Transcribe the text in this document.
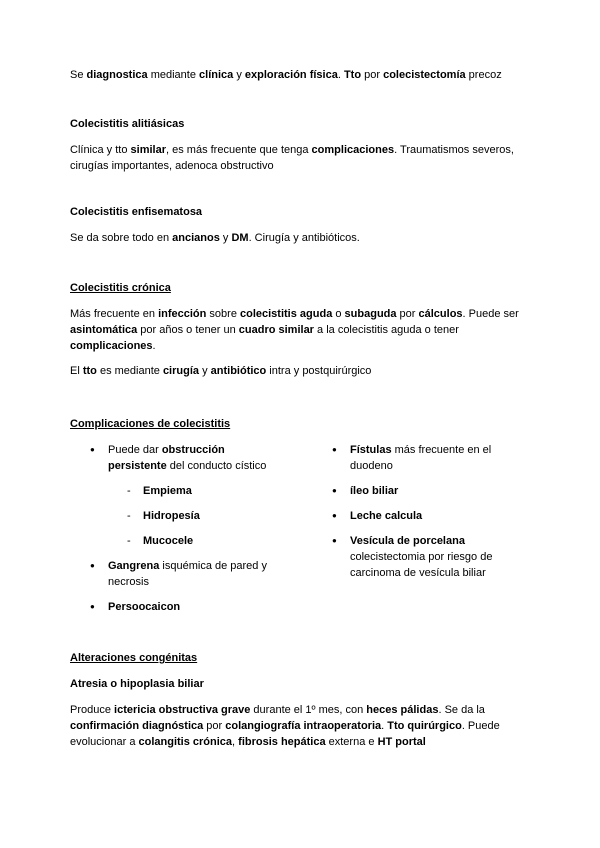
Se diagnostica mediante clínica y exploración física. Tto por colecistectomía precoz

Colecistitis alitiásicas

Clínica y tto similar, es más frecuente que tenga complicaciones. Traumatismos severos, cirugías importantes, adenoca obstructivo

Colecistitis enfisematosa

Se da sobre todo en ancianos y DM. Cirugía y antibióticos.

Colecistitis crónica

Más frecuente en infección sobre colecistitis aguda o subaguda por cálculos. Puede ser asintomática por años o tener un cuadro similar a la colecistitis aguda o tener complicaciones.

El tto es mediante cirugía y antibiótico intra y postquirúrgico

Complicaciones de colecistitis

●	Puede dar obstrucción persistente del conducto cístico
-	Empiema
-	Hidropesía
-	Mucocele
●	Gangrena isquémica de pared y necrosis
●	Persoocaicon
●	Fístulas más frecuente en el duodeno
●	íleo biliar
●	Leche calcula
●	Vesícula de porcelana colecistectomia por riesgo de carcinoma de vesícula biliar

Alteraciones congénitas

Atresia o hipoplasia biliar

Produce ictericia obstructiva grave durante el 1º mes, con heces pálidas. Se da la confirmación diagnóstica por colangiografía intraoperatoria. Tto quirúrgico. Puede evolucionar a colangitis crónica, fibrosis hepática externa e HT portal
